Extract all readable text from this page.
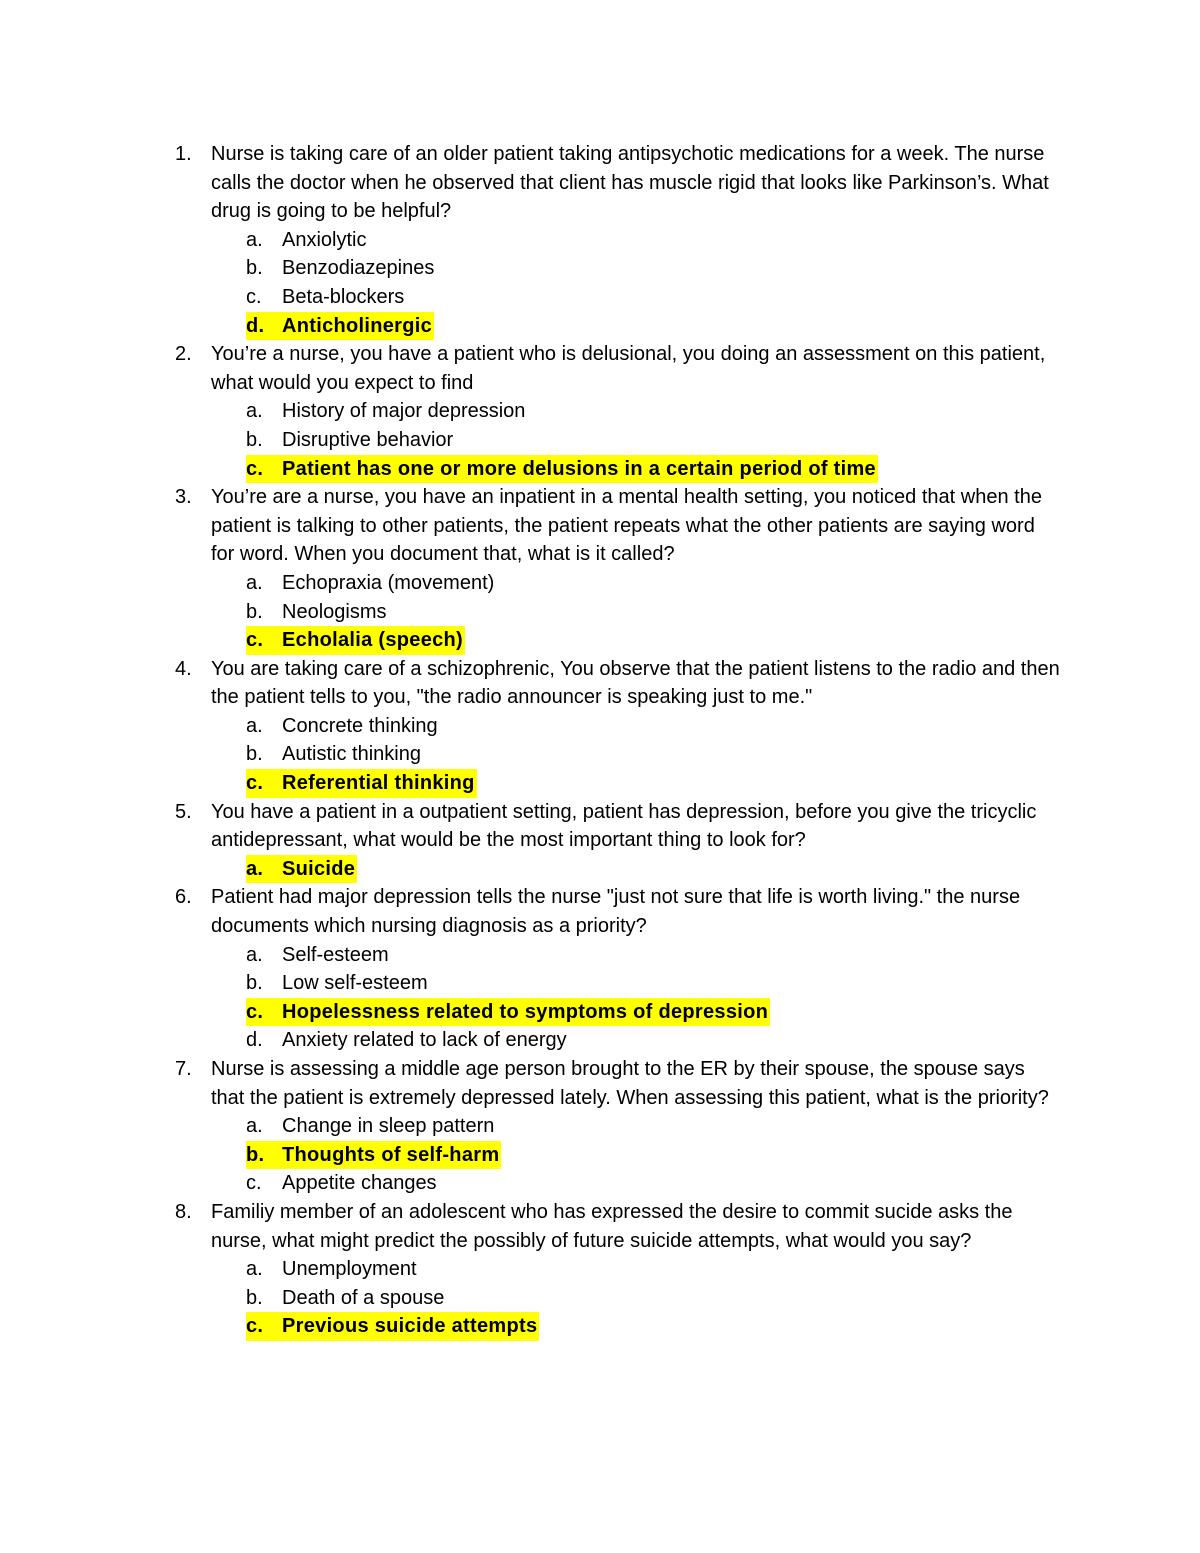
1. Nurse is taking care of an older patient taking antipsychotic medications for a week. The nurse calls the doctor when he observed that client has muscle rigid that looks like Parkinson’s. What drug is going to be helpful?
a. Anxiolytic
b. Benzodiazepines
c. Beta-blockers
d. Anticholinergic
2. You’re a nurse, you have a patient who is delusional, you doing an assessment on this patient, what would you expect to find
a. History of major depression
b. Disruptive behavior
c. Patient has one or more delusions in a certain period of time
3. You’re are a nurse, you have an inpatient in a mental health setting, you noticed that when the patient is talking to other patients, the patient repeats what the other patients are saying word for word. When you document that, what is it called?
a. Echopraxia (movement)
b. Neologisms
c. Echolalia (speech)
4. You are taking care of a schizophrenic, You observe that the patient listens to the radio and then the patient tells to you, "the radio announcer is speaking just to me."
a. Concrete thinking
b. Autistic thinking
c. Referential thinking
5. You have a patient in a outpatient setting, patient has depression, before you give the tricyclic antidepressant, what would be the most important thing to look for?
a. Suicide
6. Patient had major depression tells the nurse "just not sure that life is worth living." the nurse documents which nursing diagnosis as a priority?
a. Self-esteem
b. Low self-esteem
c. Hopelessness related to symptoms of depression
d. Anxiety related to lack of energy
7. Nurse is assessing a middle age person brought to the ER by their spouse, the spouse says that the patient is extremely depressed lately. When assessing this patient, what is the priority?
a. Change in sleep pattern
b. Thoughts of self-harm
c. Appetite changes
8. Familiy member of an adolescent who has expressed the desire to commit sucide asks the nurse, what might predict the possibly of future suicide attempts, what would you say?
a. Unemployment
b. Death of a spouse
c. Previous suicide attempts
